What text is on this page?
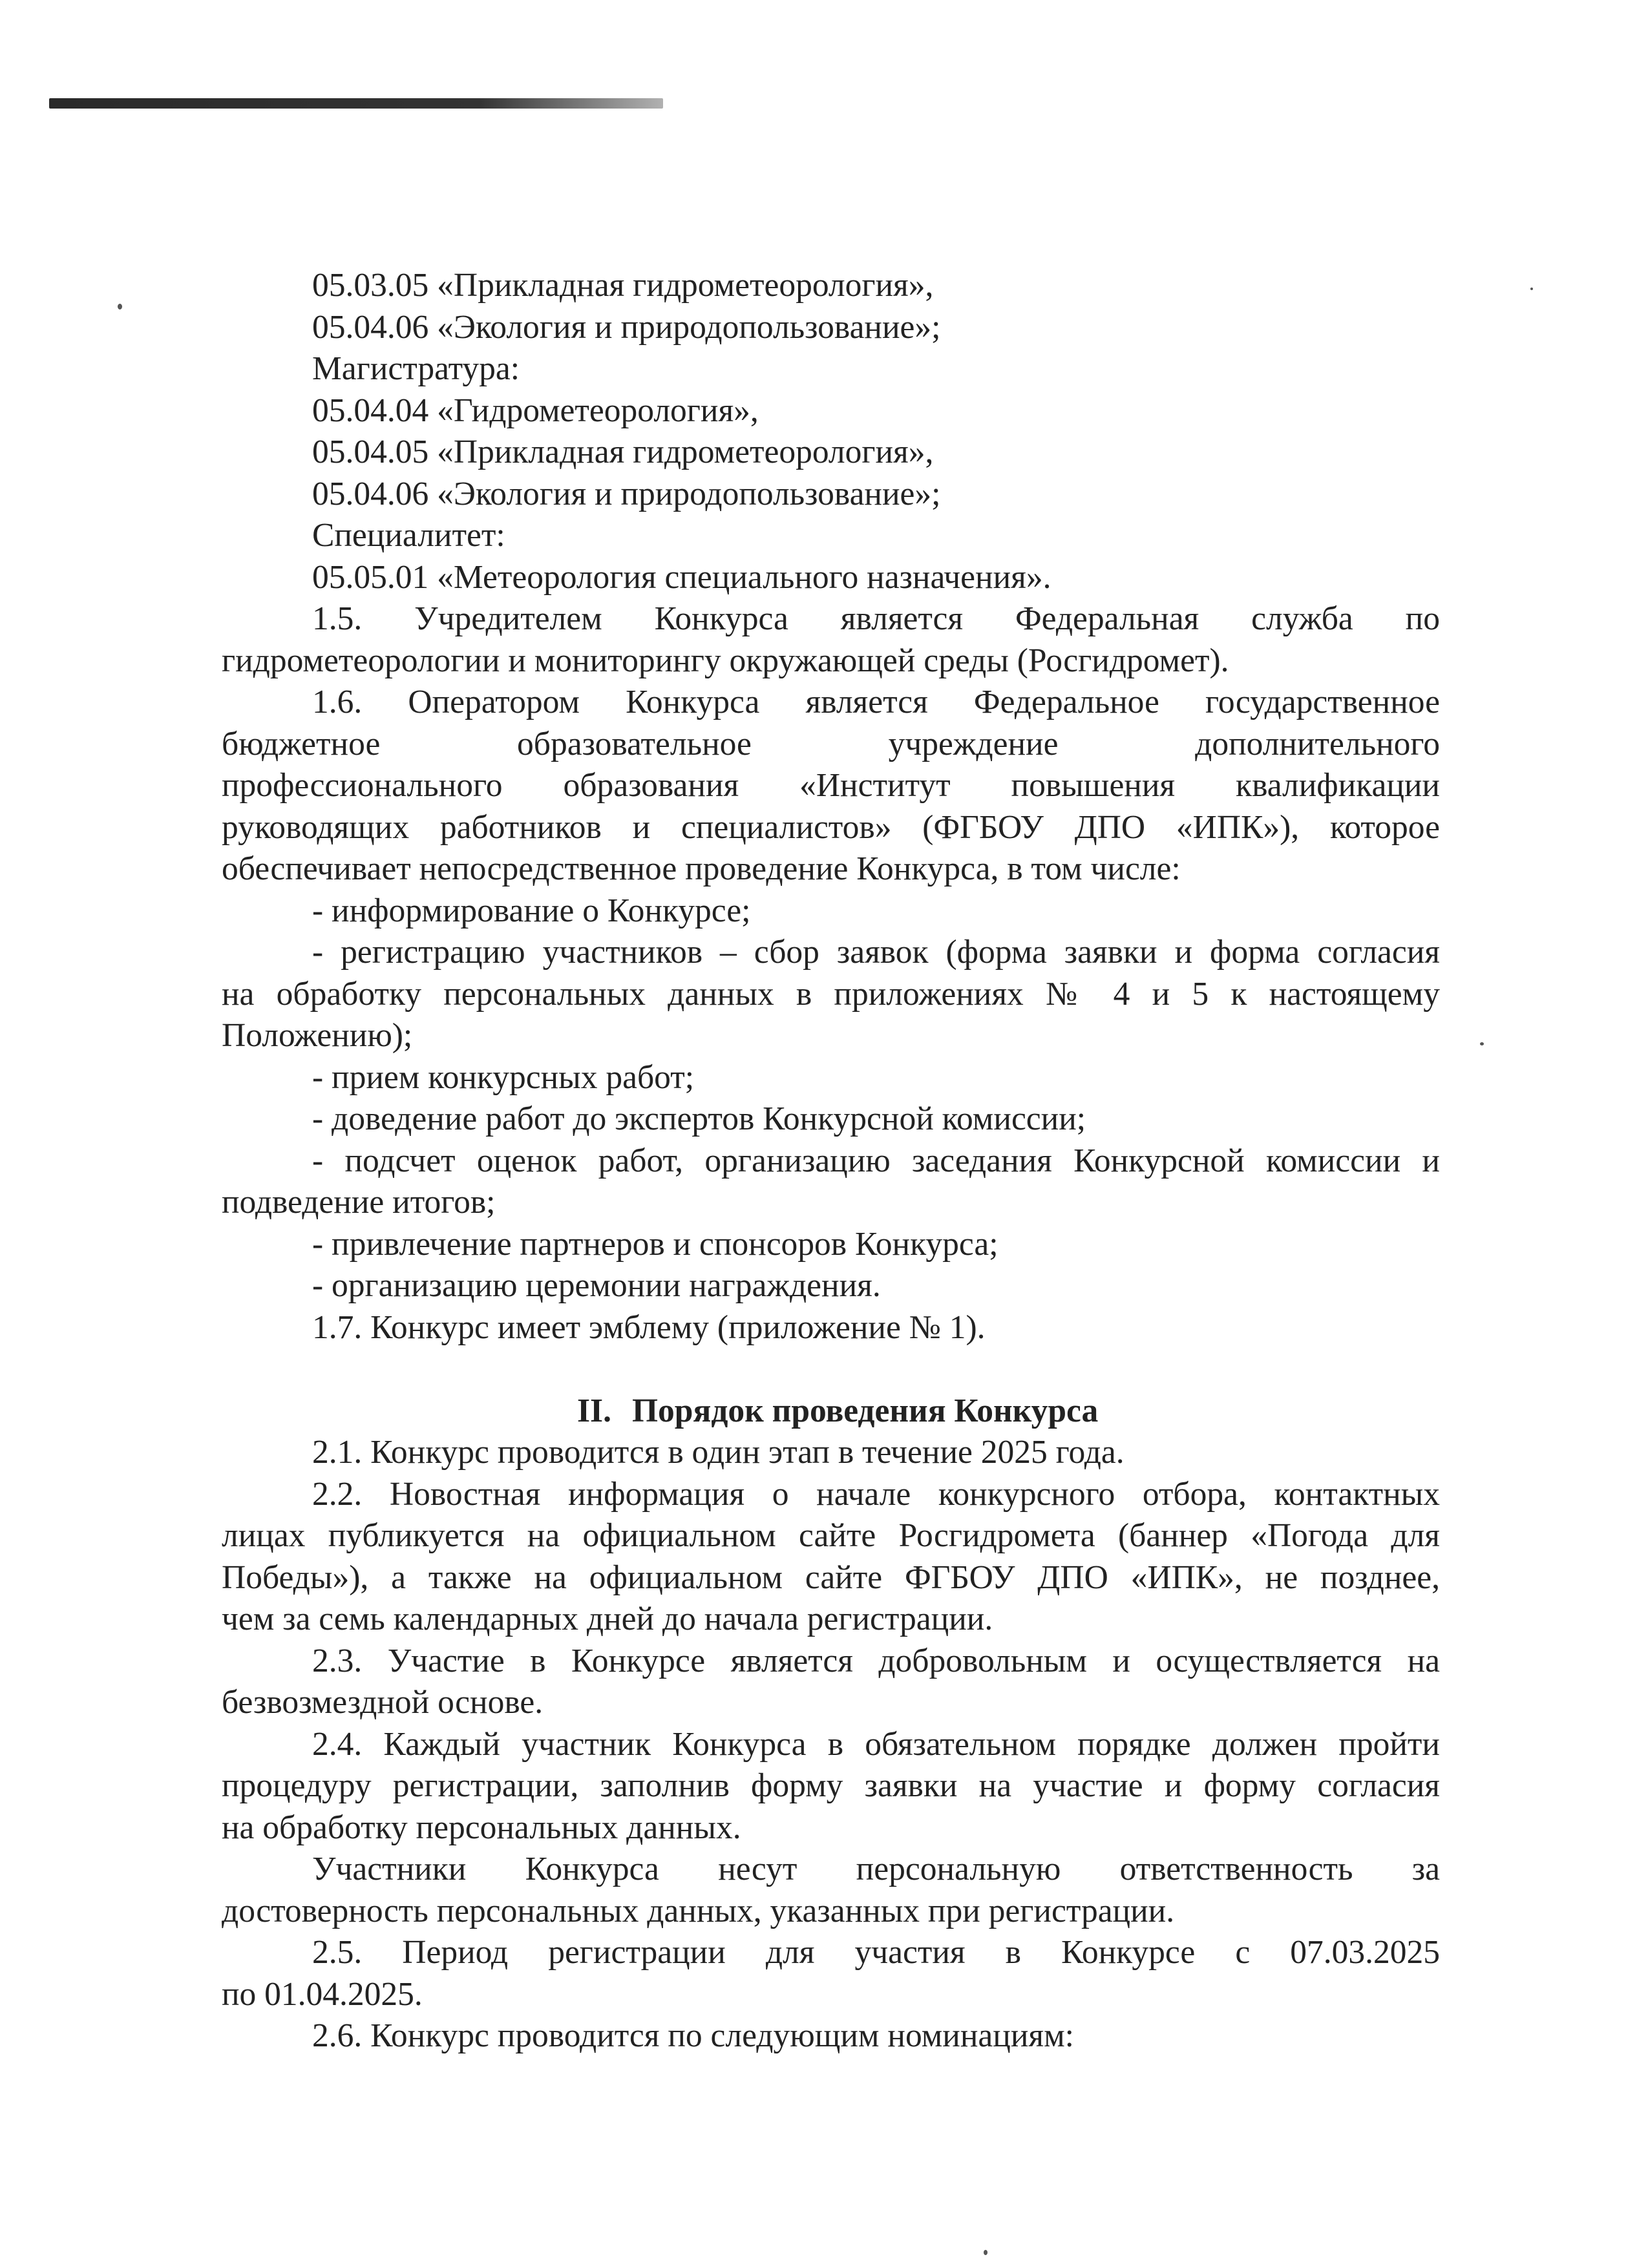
05.03.05 «Прикладная гидрометеорология»,
05.04.06 «Экология и природопользование»;
Магистратура:
05.04.04 «Гидрометеорология»,
05.04.05 «Прикладная гидрометеорология»,
05.04.06 «Экология и природопользование»;
Специалитет:
05.05.01 «Метеорология специального назначения».
1.5. Учредителем Конкурса является Федеральная служба по
гидрометеорологии и мониторингу окружающей среды (Росгидромет).
1.6. Оператором Конкурса является Федеральное государственное
бюджетное образовательное учреждение дополнительного
профессионального образования «Институт повышения квалификации
руководящих работников и специалистов» (ФГБОУ ДПО «ИПК»), которое
обеспечивает непосредственное проведение Конкурса, в том числе:
- информирование о Конкурсе;
- регистрацию участников – сбор заявок (форма заявки и форма согласия
на обработку персональных данных в приложениях № 4 и 5 к настоящему
Положению);
- прием конкурсных работ;
- доведение работ до экспертов Конкурсной комиссии;
- подсчет оценок работ, организацию заседания Конкурсной комиссии и
подведение итогов;
- привлечение партнеров и спонсоров Конкурса;
- организацию церемонии награждения.
1.7. Конкурс имеет эмблему (приложение № 1).
II. Порядок проведения Конкурса
2.1. Конкурс проводится в один этап в течение 2025 года.
2.2. Новостная информация о начале конкурсного отбора, контактных
лицах публикуется на официальном сайте Росгидромета (баннер «Погода для
Победы»), а также на официальном сайте ФГБОУ ДПО «ИПК», не позднее,
чем за семь календарных дней до начала регистрации.
2.3. Участие в Конкурсе является добровольным и осуществляется на
безвозмездной основе.
2.4. Каждый участник Конкурса в обязательном порядке должен пройти
процедуру регистрации, заполнив форму заявки на участие и форму согласия
на обработку персональных данных.
Участники Конкурса несут персональную ответственность за
достоверность персональных данных, указанных при регистрации.
2.5. Период регистрации для участия в Конкурсе с 07.03.2025
по 01.04.2025.
2.6. Конкурс проводится по следующим номинациям:
